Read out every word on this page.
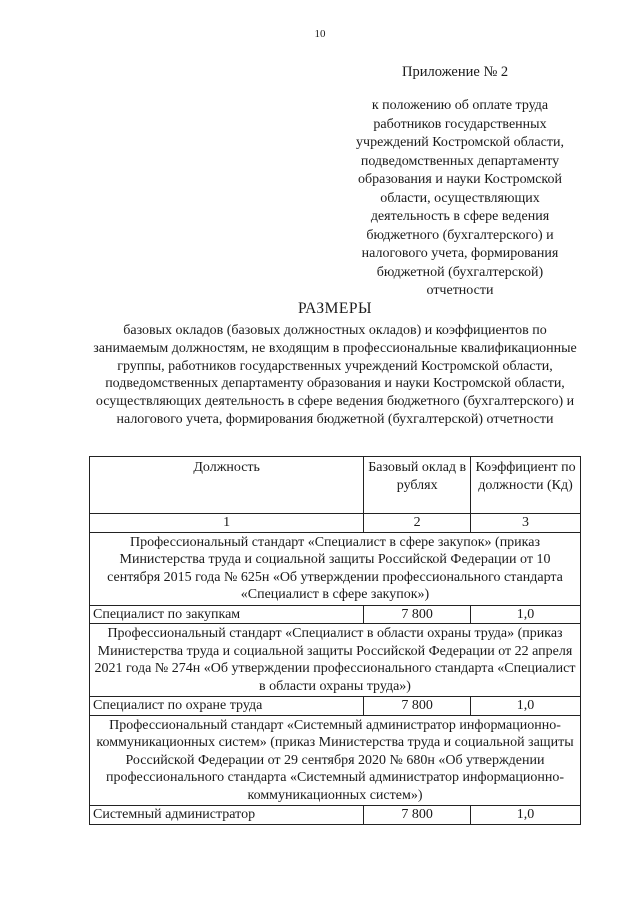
10
Приложение № 2
к положению об оплате труда работников государственных учреждений Костромской области, подведомственных департаменту образования и науки Костромской области, осуществляющих деятельность в сфере ведения бюджетного (бухгалтерского) и налогового учета, формирования бюджетной (бухгалтерской) отчетности
РАЗМЕРЫ
базовых окладов (базовых должностных окладов) и коэффициентов по занимаемым должностям, не входящим в профессиональные квалификационные группы, работников государственных учреждений Костромской области, подведомственных департаменту образования и науки Костромской области, осуществляющих деятельность в сфере ведения бюджетного (бухгалтерского) и налогового учета, формирования бюджетной (бухгалтерской) отчетности
Должность	Базовый оклад в рублях	Коэффициент по должности (Кд)
1	2	3
Профессиональный стандарт «Специалист в сфере закупок» (приказ Министерства труда и социальной защиты Российской Федерации от 10 сентября 2015 года № 625н «Об утверждении профессионального стандарта «Специалист в сфере закупок»)		
Специалист по закупкам	7 800	1,0
Профессиональный стандарт «Специалист в области охраны труда» (приказ Министерства труда и социальной защиты Российской Федерации от 22 апреля 2021 года № 274н «Об утверждении профессионального стандарта «Специалист в области охраны труда»)		
Специалист по охране труда	7 800	1,0
Профессиональный стандарт «Системный администратор информационно-коммуникационных систем» (приказ Министерства труда и социальной защиты Российской Федерации от 29 сентября 2020 № 680н «Об утверждении профессионального стандарта «Системный администратор информационно-коммуникационных систем»)		
Системный администратор	7 800	1,0
